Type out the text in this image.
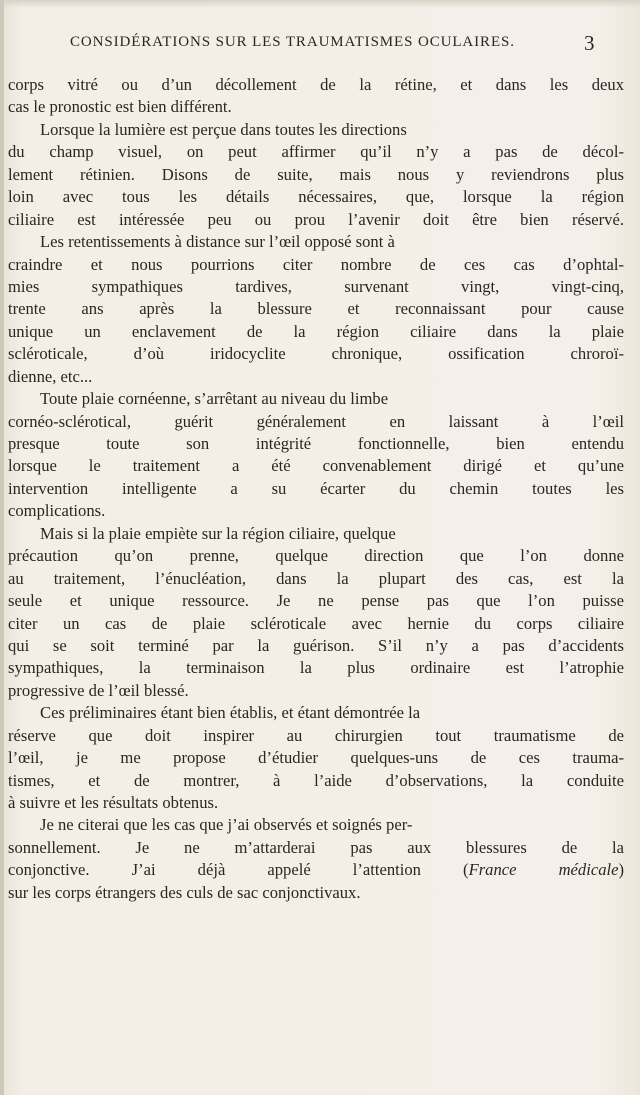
CONSIDÉRATIONS SUR LES TRAUMATISMES OCULAIRES.	3
corps vitré ou d’un décollement de la rétine, et dans les deux
cas le pronostic est bien différent.
Lorsque la lumière est perçue dans toutes les directions
du champ visuel, on peut affirmer qu’il n’y a pas de décol-
lement rétinien. Disons de suite, mais nous y reviendrons plus
loin avec tous les détails nécessaires, que, lorsque la région
ciliaire est intéressée peu ou prou l’avenir doit être bien réservé.
Les retentissements à distance sur l’œil opposé sont à
craindre et nous pourrions citer nombre de ces cas d’ophtal-
mies sympathiques tardives, survenant vingt, vingt-cinq,
trente ans après la blessure et reconnaissant pour cause
unique un enclavement de la région ciliaire dans la plaie
scléroticale, d’où iridocyclite chronique, ossification chroroï-
dienne, etc...
Toute plaie cornéenne, s’arrêtant au niveau du limbe
cornéo-sclérotical, guérit généralement en laissant à l’œil
presque toute son intégrité fonctionnelle, bien entendu
lorsque le traitement a été convenablement dirigé et qu’une
intervention intelligente a su écarter du chemin toutes les
complications.
Mais si la plaie empiète sur la région ciliaire, quelque
précaution qu’on prenne, quelque direction que l’on donne
au traitement, l’énucléation, dans la plupart des cas, est la
seule et unique ressource. Je ne pense pas que l’on puisse
citer un cas de plaie scléroticale avec hernie du corps ciliaire
qui se soit terminé par la guérison. S’il n’y a pas d’accidents
sympathiques, la terminaison la plus ordinaire est l’atrophie
progressive de l’œil blessé.
Ces préliminaires étant bien établis, et étant démontrée la
réserve que doit inspirer au chirurgien tout traumatisme de
l’œil, je me propose d’étudier quelques-uns de ces trauma-
tismes, et de montrer, à l’aide d’observations, la conduite
à suivre et les résultats obtenus.
Je ne citerai que les cas que j’ai observés et soignés per-
sonnellement. Je ne m’attarderai pas aux blessures de la
conjonctive. J’ai déjà appelé l’attention (France médicale)
sur les corps étrangers des culs de sac conjonctivaux.
